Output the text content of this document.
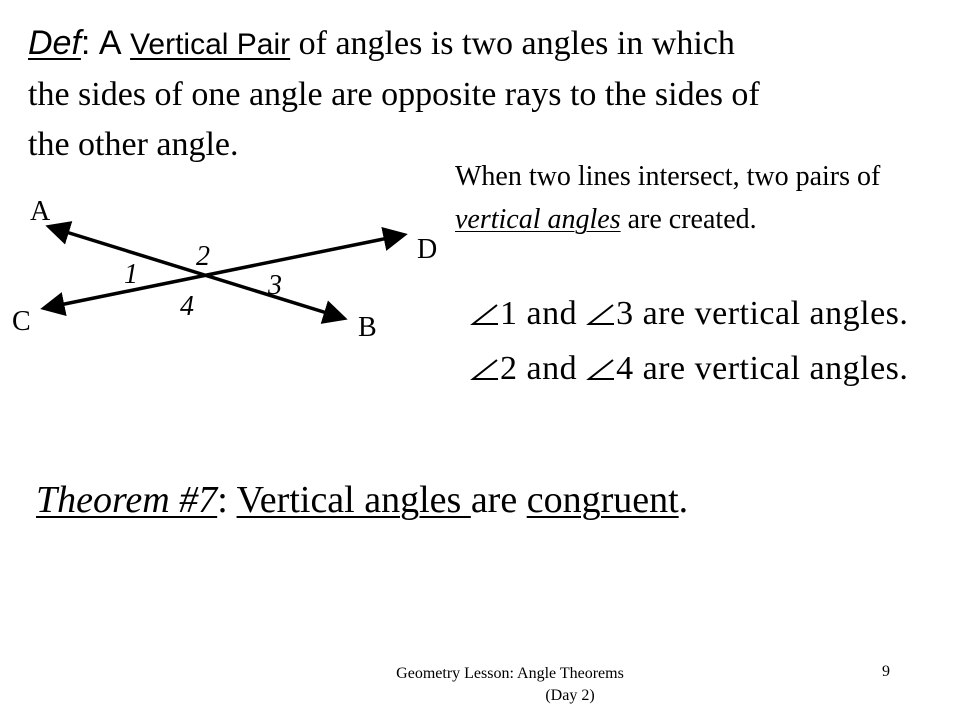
Def: A Vertical Pair of angles is two angles in which
the sides of one angle are opposite rays to the sides of
the other angle.

When two lines intersect, two pairs of vertical angles are created.

1 and 3 are vertical angles.

2 and 4 are vertical angles.

A
B
C
D
1
2
3
4

Theorem #7: Vertical angles are congruent.

Geometry Lesson: Angle Theorems
(Day 2)

9
